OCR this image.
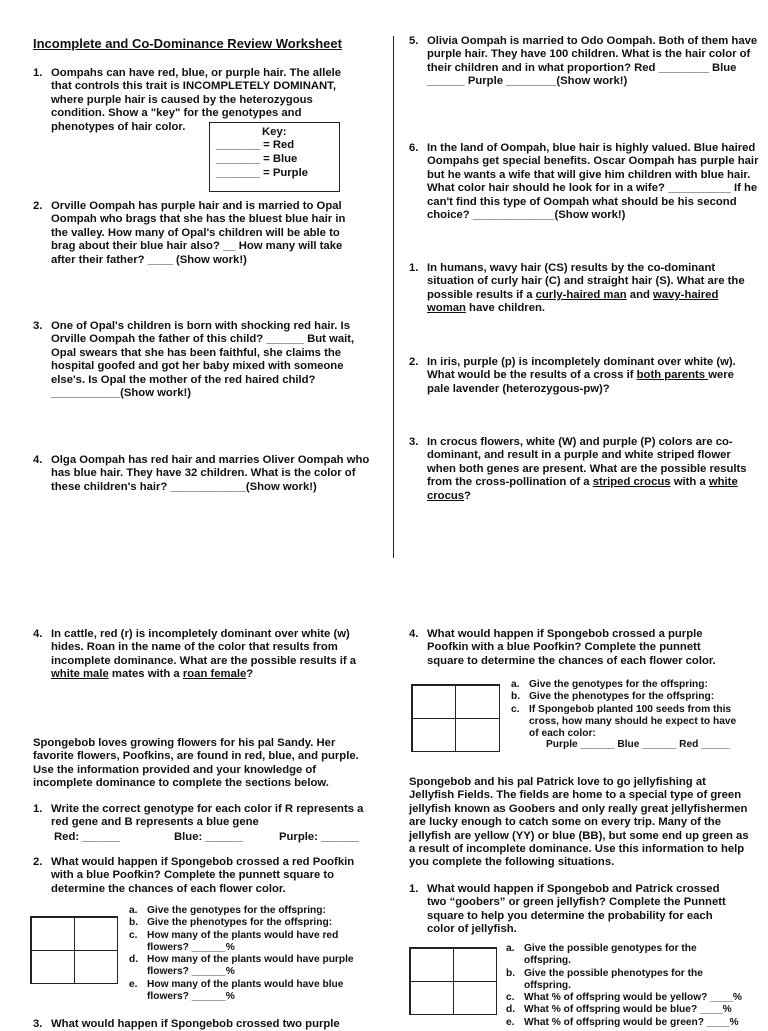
Incomplete and Co-Dominance Review Worksheet
1. Oompahs can have red, blue, or purple hair. The allele that controls this trait is INCOMPLETELY DOMINANT, where purple hair is caused by the heterozygous condition. Show a "key" for the genotypes and phenotypes of hair color.	Key:
_______ = Red
_______ = Blue
_______ = Purple
2. Orville Oompah has purple hair and is married to Opal Oompah who brags that she has the bluest blue hair in the valley. How many of Opal's children will be able to brag about their blue hair also? __ How many will take after their father? ____ (Show work!)
3. One of Opal's children is born with shocking red hair. Is Orville Oompah the father of this child? ______ But wait, Opal swears that she has been faithful, she claims the hospital goofed and got her baby mixed with someone else's. Is Opal the mother of the red haired child? ___________(Show work!)
4. Olga Oompah has red hair and marries Oliver Oompah who has blue hair. They have 32 children. What is the color of these children's hair? ____________(Show work!)
5. Olivia Oompah is married to Odo Oompah. Both of them have purple hair. They have 100 children. What is the hair color of their children and in what proportion? Red ________ Blue ______ Purple ________(Show work!)
6. In the land of Oompah, blue hair is highly valued. Blue haired Oompahs get special benefits. Oscar Oompah has purple hair but he wants a wife that will give him children with blue hair. What color hair should he look for in a wife? __________ If he can't find this type of Oompah what should be his second choice? _____________(Show work!)
1. In humans, wavy hair (CS) results by the co-dominant situation of curly hair (C) and straight hair (S). What are the possible results if a curly-haired man and wavy-haired woman have children.
2. In iris, purple (p) is incompletely dominant over white (w). What would be the results of a cross if both parents were pale lavender (heterozygous-pw)?
3. In crocus flowers, white (W) and purple (P) colors are co-dominant, and result in a purple and white striped flower when both genes are present. What are the possible results from the cross-pollination of a striped crocus with a white crocus?
4. In cattle, red (r) is incompletely dominant over white (w) hides. Roan in the name of the color that results from incomplete dominance. What are the possible results if a white male mates with a roan female?
Spongebob loves growing flowers for his pal Sandy. Her favorite flowers, Poofkins, are found in red, blue, and purple. Use the information provided and your knowledge of incomplete dominance to complete the sections below.
1. Write the correct genotype for each color if R represents a red gene and B represents a blue gene
Red: ______	Blue: ______	Purple: ______
2. What would happen if Spongebob crossed a red Poofkin with a blue Poofkin? Complete the punnett square to determine the chances of each flower color.
a. Give the genotypes for the offspring:
b. Give the phenotypes for the offspring:
c. How many of the plants would have red flowers? ______%
d. How many of the plants would have purple flowers? ______%
e. How many of the plants would have blue flowers? ______%
3. What would happen if Spongebob crossed two purple
4. What would happen if Spongebob crossed a purple Poofkin with a blue Poofkin? Complete the punnett square to determine the chances of each flower color.
a. Give the genotypes for the offspring:
b. Give the phenotypes for the offspring:
c. If Spongebob planted 100 seeds from this cross, how many should he expect to have of each color:
Purple ______ Blue ______ Red _____
Spongebob and his pal Patrick love to go jellyfishing at Jellyfish Fields. The fields are home to a special type of green jellyfish known as Goobers and only really great jellyfishermen are lucky enough to catch some on every trip. Many of the jellyfish are yellow (YY) or blue (BB), but some end up green as a result of incomplete dominance. Use this information to help you complete the following situations.
1. What would happen if Spongebob and Patrick crossed two “goobers” or green jellyfish? Complete the Punnett square to help you determine the probability for each color of jellyfish.
a. Give the possible genotypes for the offspring.
b. Give the possible phenotypes for the offspring.
c. What % of offspring would be yellow? ____%
d. What % of offspring would be blue? ____%
e. What % of offspring would be green? ____%
